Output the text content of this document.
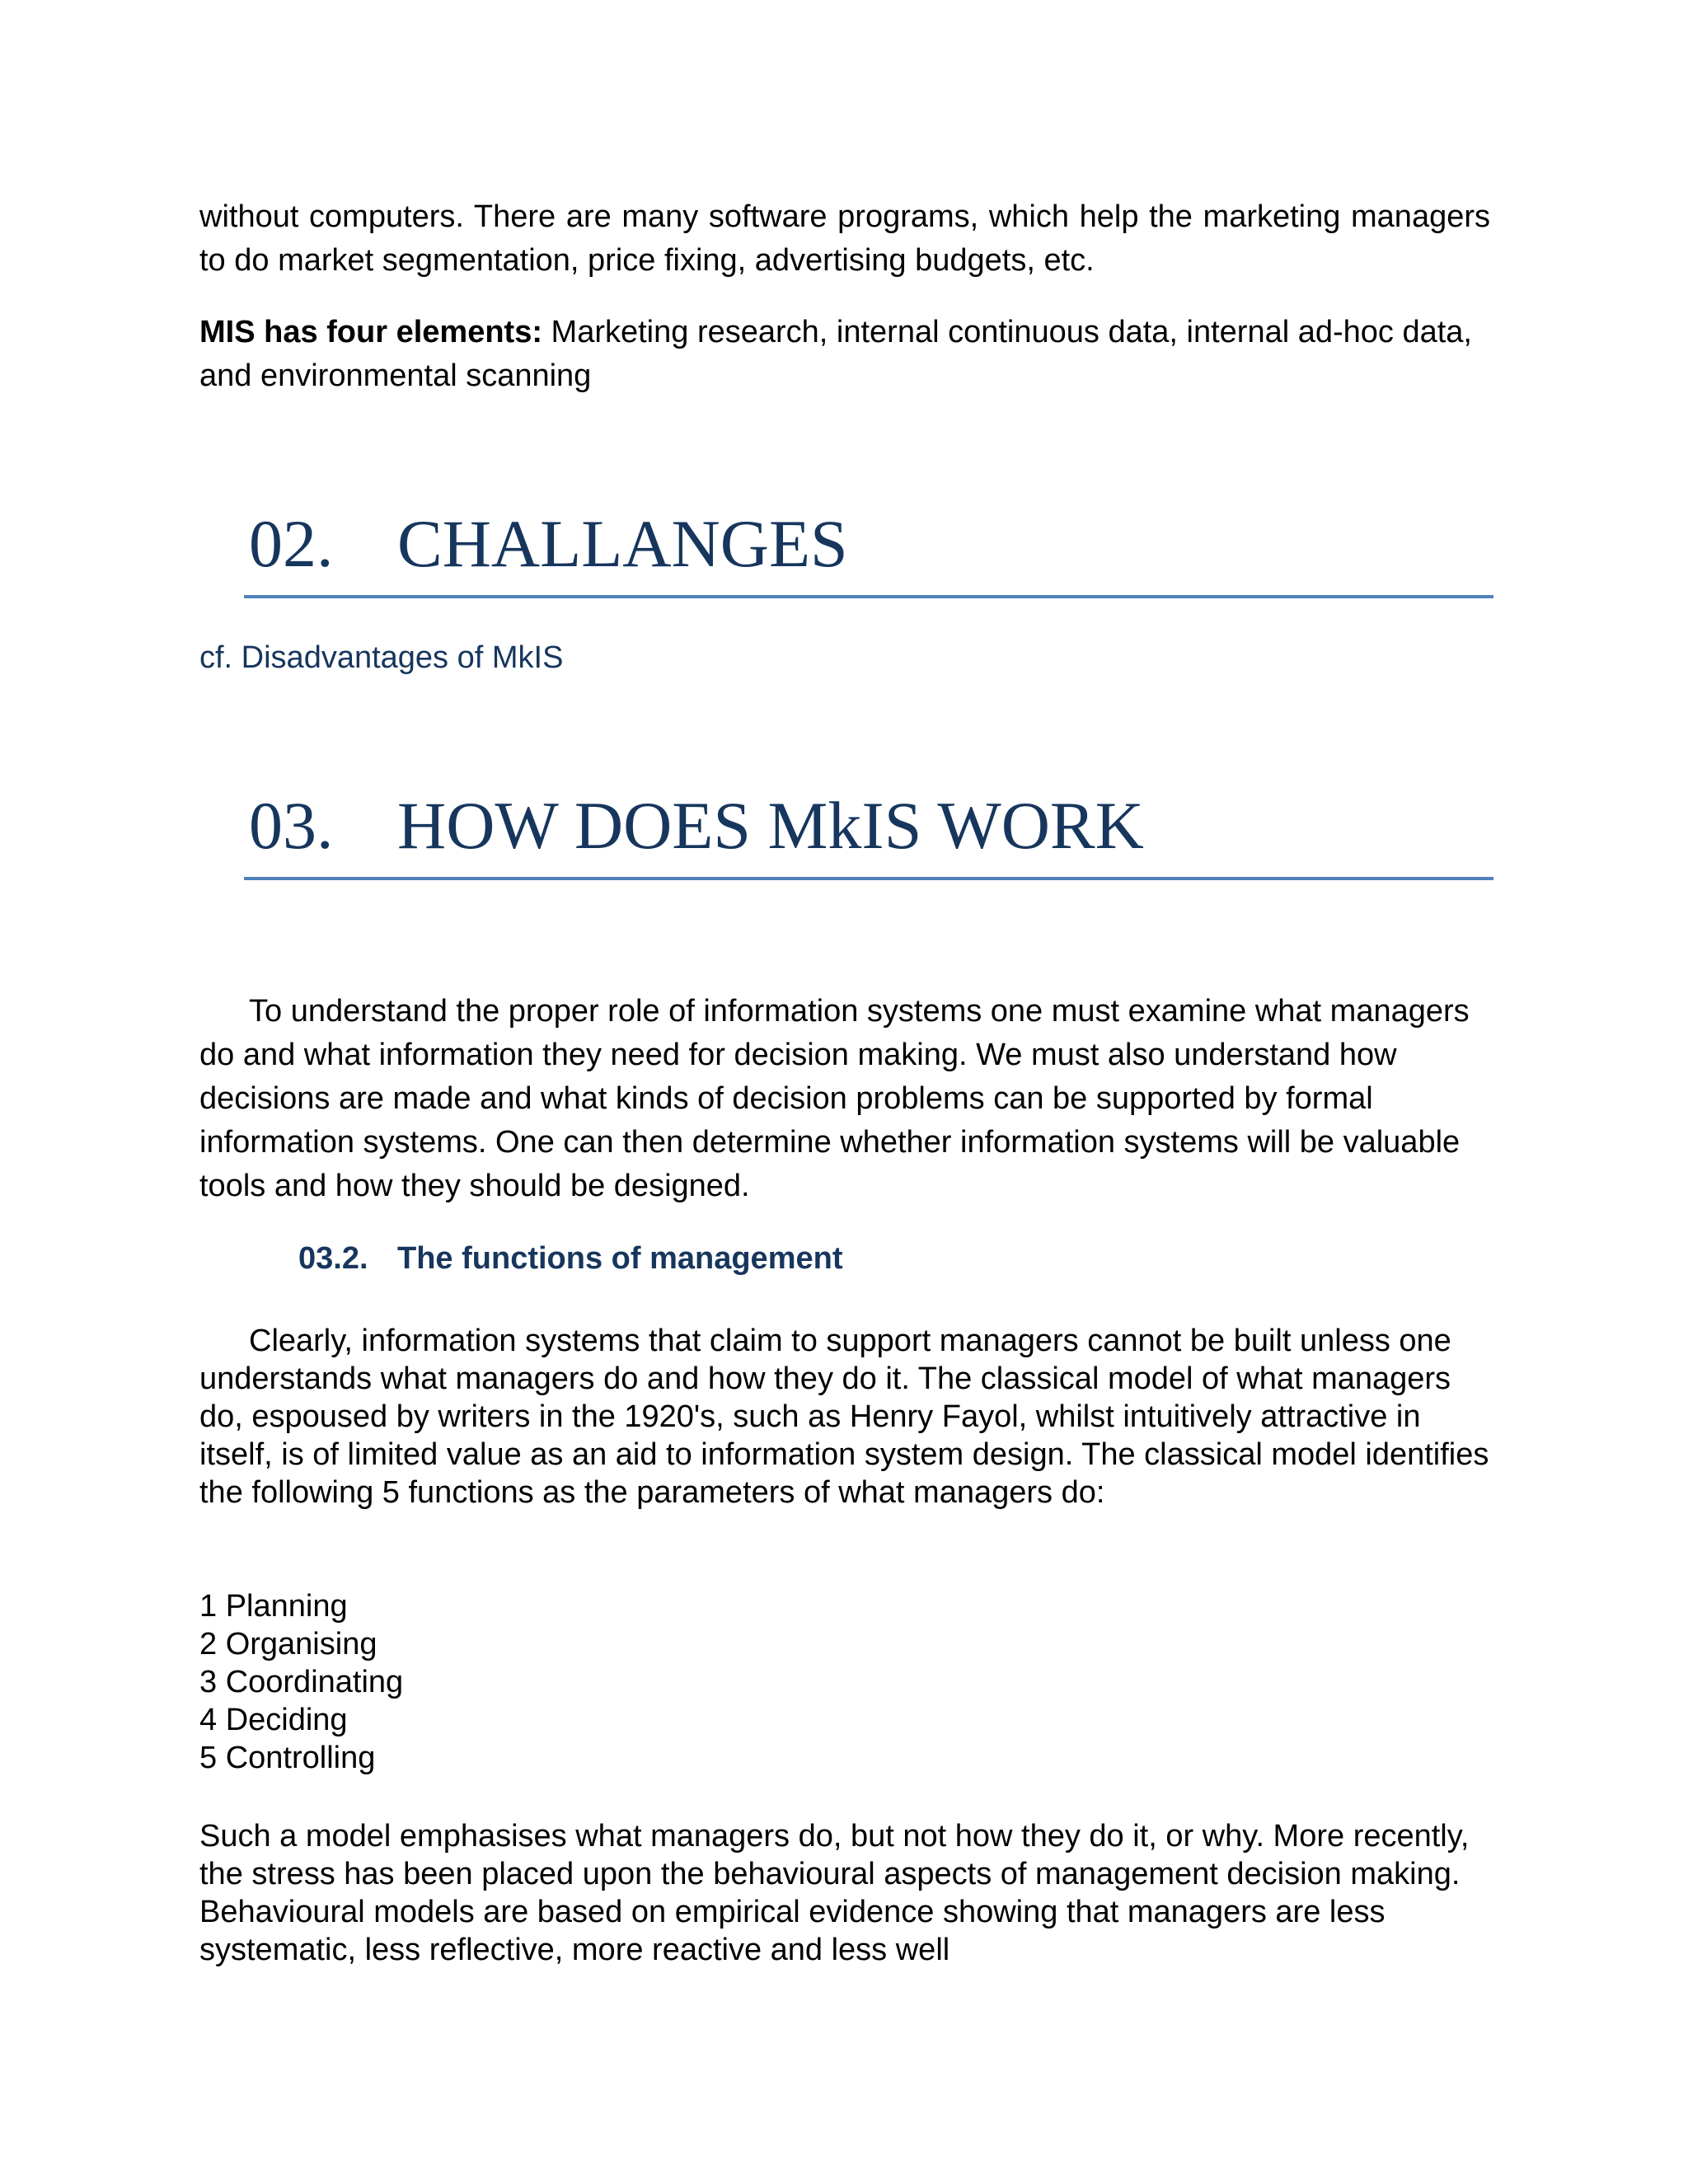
without computers. There are many software programs, which help the marketing managers to do market segmentation, price fixing, advertising budgets, etc.

MIS has four elements: Marketing research, internal continuous data, internal ad-hoc data, and environmental scanning

02. CHALLANGES

cf. Disadvantages of MkIS

03. HOW DOES MkIS WORK

To understand the proper role of information systems one must examine what managers do and what information they need for decision making. We must also understand how decisions are made and what kinds of decision problems can be supported by formal information systems. One can then determine whether information systems will be valuable tools and how they should be designed.

03.2. The functions of management

Clearly, information systems that claim to support managers cannot be built unless one understands what managers do and how they do it. The classical model of what managers do, espoused by writers in the 1920's, such as Henry Fayol, whilst intuitively attractive in itself, is of limited value as an aid to information system design. The classical model identifies the following 5 functions as the parameters of what managers do:

1 Planning
2 Organising
3 Coordinating
4 Deciding
5 Controlling

Such a model emphasises what managers do, but not how they do it, or why. More recently, the stress has been placed upon the behavioural aspects of management decision making. Behavioural models are based on empirical evidence showing that managers are less systematic, less reflective, more reactive and less well
